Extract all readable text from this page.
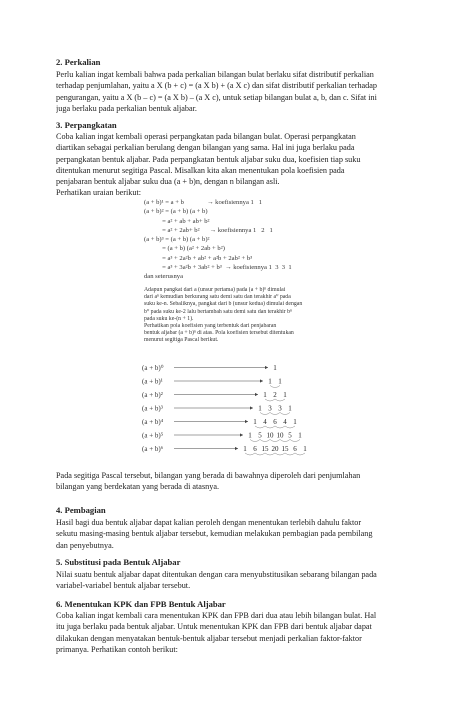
2. Perkalian
Perlu kalian ingat kembali bahwa pada perkalian bilangan bulat berlaku sifat distributif perkalian
terhadap penjumlahan, yaitu a X (b + c) = (a X b) + (a X c) dan sifat distributif perkalian terhadap
pengurangan, yaitu a X (b – c) = (a X b) – (a X c), untuk setiap bilangan bulat a, b, dan c. Sifat ini
juga berlaku pada perkalian bentuk aljabar.
3. Perpangkatan
Coba kalian ingat kembali operasi perpangkatan pada bilangan bulat. Operasi perpangkatan
diartikan sebagai perkalian berulang dengan bilangan yang sama. Hal ini juga berlaku pada
perpangkatan bentuk aljabar. Pada perpangkatan bentuk aljabar suku dua, koefisien tiap suku
ditentukan menurut segitiga Pascal. Misalkan kita akan menentukan pola koefisien pada
penjabaran bentuk aljabar suku dua (a + b)n, dengan n bilangan asli.
Perhatikan uraian berikut:
(a + b)¹ = a + b              → koefisiennya 1   1
(a + b)² = (a + b) (a + b)
= a² + ab + ab+ b²
= a² + 2ab+ b²      → koefisiennya 1   2   1
(a + b)³ = (a + b) (a + b)²
= (a + b) (a² + 2ab + b²)
= a³ + 2a²b + ab² + a²b + 2ab² + b³
= a³ + 3a²b + 3ab² + b³  → koefisiennya 1  3  3  1
dan seterusnya
Adapun pangkat dari a (unsur pertama) pada (a + b)ⁿ dimulai
dari aⁿ kemudian berkurang satu demi satu dan terakhir a⁰ pada
suku ke-n. Sebaliknya, pangkat dari b (unsur kedua) dimulai dengan
b⁰ pada suku ke-2 lalu bertambah satu demi satu dan terakhir bⁿ
pada suku ke-(n + 1).
Perhatikan pola koefisien yang terbentuk dari penjabaran
bentuk aljabar (a + b)ⁿ di atas. Pola koefisien tersebut ditentukan
menurut segitiga Pascal berikut.
(a + b)⁰	1
(a + b)¹	1 1
(a + b)²	1 2 1
(a + b)³	1 3 3 1
(a + b)⁴	1 4 6 4 1
(a + b)⁵	1 5 10 10 5 1
(a + b)⁶	1 6 15 20 15 6 1
Pada segitiga Pascal tersebut, bilangan yang berada di bawahnya diperoleh dari penjumlahan
bilangan yang berdekatan yang berada di atasnya.
4. Pembagian
Hasil bagi dua bentuk aljabar dapat kalian peroleh dengan menentukan terlebih dahulu faktor
sekutu masing-masing bentuk aljabar tersebut, kemudian melakukan pembagian pada pembilang
dan penyebutnya.
5. Substitusi pada Bentuk Aljabar
Nilai suatu bentuk aljabar dapat ditentukan dengan cara menyubstitusikan sebarang bilangan pada
variabel-variabel bentuk aljabar tersebut.
6. Menentukan KPK dan FPB Bentuk Aljabar
Coba kalian ingat kembali cara menentukan KPK dan FPB dari dua atau lebih bilangan bulat. Hal
itu juga berlaku pada bentuk aljabar. Untuk menentukan KPK dan FPB dari bentuk aljabar dapat
dilakukan dengan menyatakan bentuk-bentuk aljabar tersebut menjadi perkalian faktor-faktor
primanya. Perhatikan contoh berikut:
